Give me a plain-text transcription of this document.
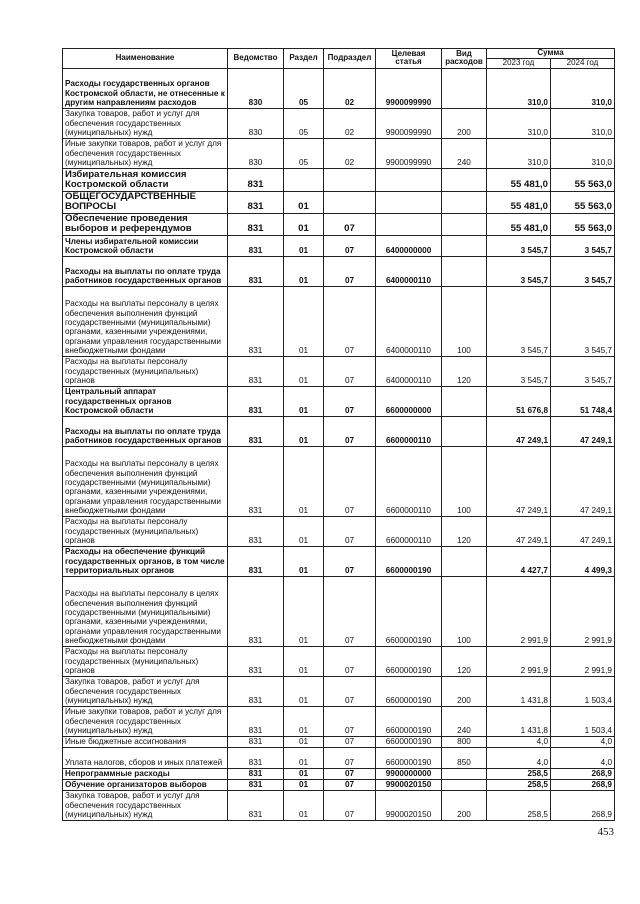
Наименование	Ведомство	Раздел	Подраздел	Целевая статья	Вид расходов	Сумма	
						2023 год	2024 год
Расходы государственных органов Костромской области, не отнесенные к другим направлениям расходов	830	05	02	9900099990		310,0	310,0
Закупка товаров, работ и услуг для обеспечения государственных (муниципальных) нужд	830	05	02	9900099990	200	310,0	310,0
Иные закупки товаров, работ и услуг для обеспечения государственных (муниципальных) нужд	830	05	02	9900099990	240	310,0	310,0
Избирательная комиссия Костромской области	831					55 481,0	55 563,0
ОБЩЕГОСУДАРСТВЕННЫЕ ВОПРОСЫ	831	01				55 481,0	55 563,0
Обеспечение проведения выборов и референдумов	831	01	07			55 481,0	55 563,0
Члены избирательной комиссии Костромской области	831	01	07	6400000000		3 545,7	3 545,7
Расходы на выплаты по оплате труда работников государственных органов	831	01	07	6400000110		3 545,7	3 545,7
Расходы на выплаты персоналу в целях обеспечения выполнения функций государственными (муниципальными) органами, казенными учреждениями, органами управления государственными внебюджетными фондами	831	01	07	6400000110	100	3 545,7	3 545,7
Расходы на выплаты персоналу государственных (муниципальных) органов	831	01	07	6400000110	120	3 545,7	3 545,7
Центральный аппарат государственных органов Костромской области	831	01	07	6600000000		51 676,8	51 748,4
Расходы на выплаты по оплате труда работников государственных органов	831	01	07	6600000110		47 249,1	47 249,1
Расходы на выплаты персоналу в целях обеспечения выполнения функций государственными (муниципальными) органами, казенными учреждениями, органами управления государственными внебюджетными фондами	831	01	07	6600000110	100	47 249,1	47 249,1
Расходы на выплаты персоналу государственных (муниципальных) органов	831	01	07	6600000110	120	47 249,1	47 249,1
Расходы на обеспечение функций государственных органов, в том числе территориальных органов	831	01	07	6600000190		4 427,7	4 499,3
Расходы на выплаты персоналу в целях обеспечения выполнения функций государственными (муниципальными) органами, казенными учреждениями, органами управления государственными внебюджетными фондами	831	01	07	6600000190	100	2 991,9	2 991,9
Расходы на выплаты персоналу государственных (муниципальных) органов	831	01	07	6600000190	120	2 991,9	2 991,9
Закупка товаров, работ и услуг для обеспечения государственных (муниципальных) нужд	831	01	07	6600000190	200	1 431,8	1 503,4
Иные закупки товаров, работ и услуг для обеспечения государственных (муниципальных) нужд	831	01	07	6600000190	240	1 431,8	1 503,4
Иные бюджетные ассигнования	831	01	07	6600000190	800	4,0	4,0
Уплата налогов, сборов и иных платежей	831	01	07	6600000190	850	4,0	4,0
Непрограммные расходы	831	01	07	9900000000		258,5	268,9
Обучение организаторов выборов	831	01	07	9900020150		258,5	268,9
Закупка товаров, работ и услуг для обеспечения государственных (муниципальных) нужд	831	01	07	9900020150	200	258,5	268,9
453
